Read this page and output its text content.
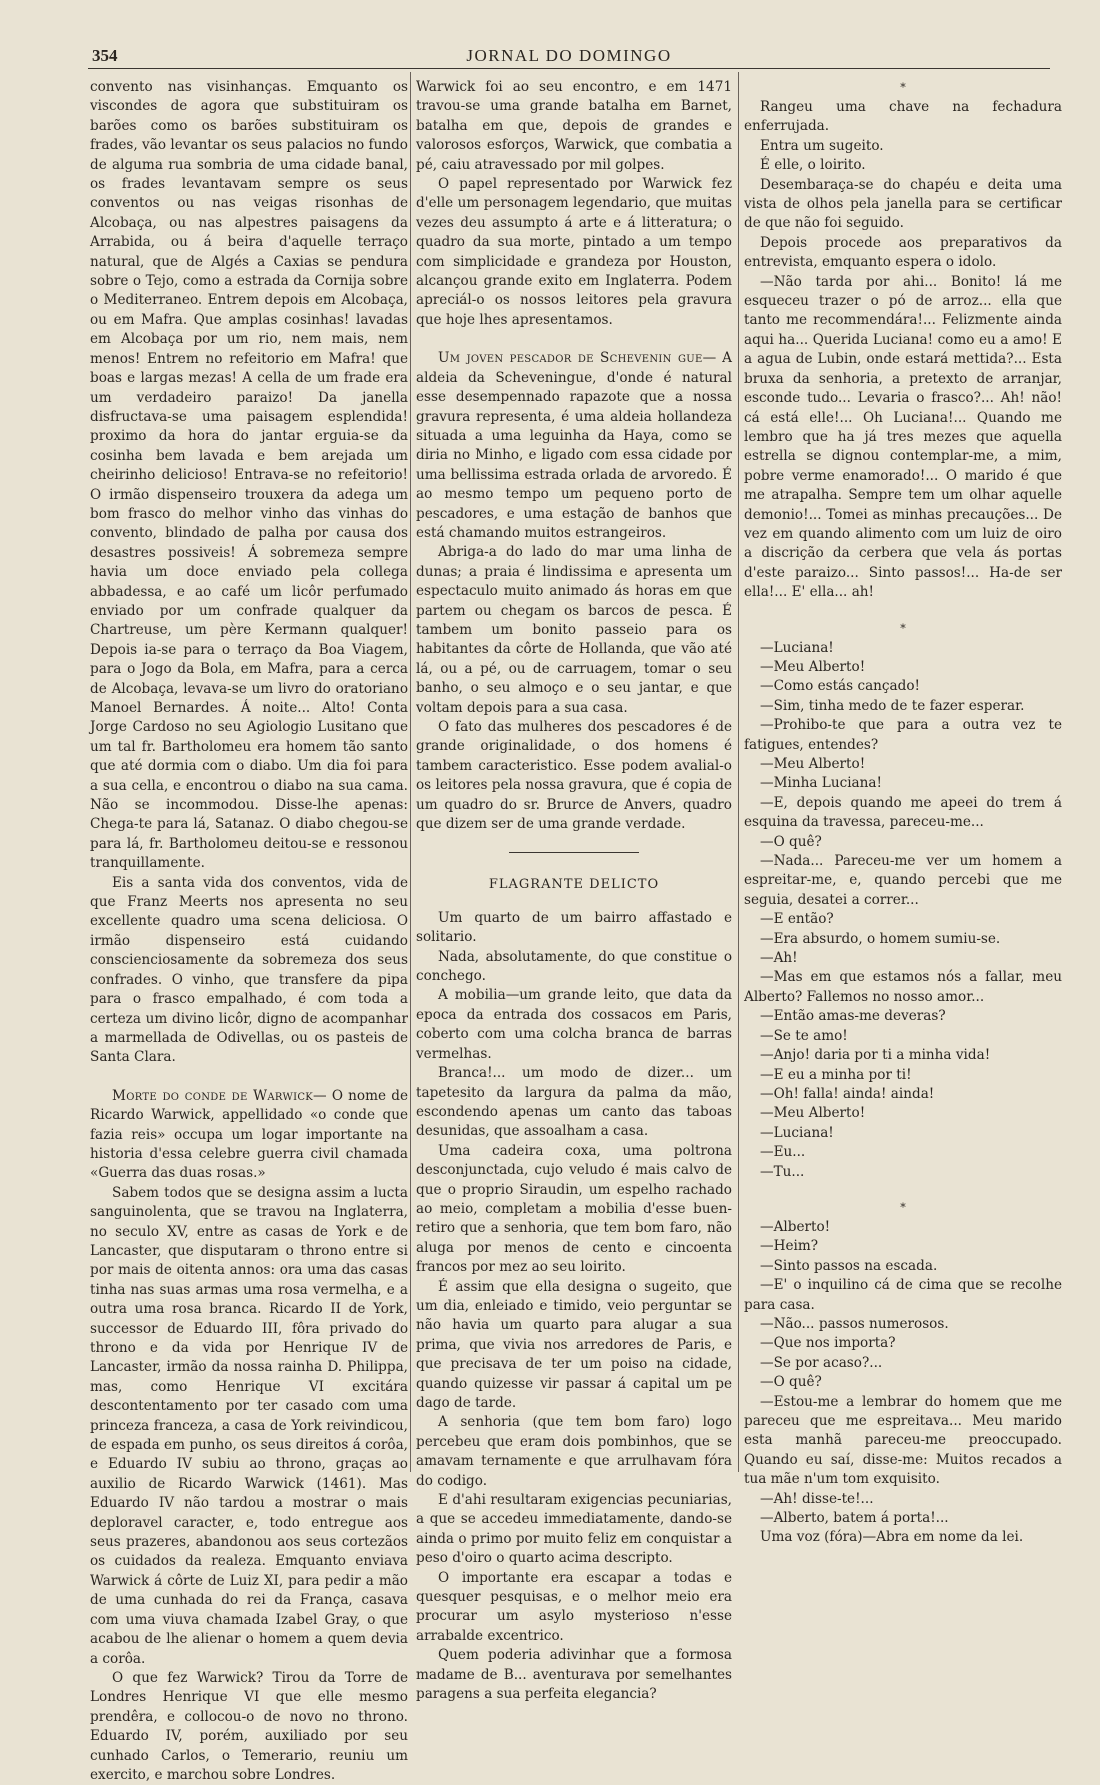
354	JORNAL DO DOMINGO

convento nas visinhanças. Emquanto os viscondes de agora que substituiram os barões como os barões substituiram os frades, vão levantar os seus palacios no fundo de alguma rua sombria de uma cidade banal, os frades levantavam sempre os seus conventos ou nas veigas risonhas de Alcobaça, ou nas alpestres paisagens da Arrabida, ou á beira d'aquelle terraço natural, que de Algés a Caxias se pendura sobre o Tejo, como a estrada da Cornija sobre o Mediterraneo. Entrem depois em Alcobaça, ou em Mafra. Que amplas cosinhas! lavadas em Alcobaça por um rio, nem mais, nem menos! Entrem no refeitorio em Mafra! que boas e largas mezas! A cella de um frade era um verdadeiro paraizo! Da janella disfructava-se uma paisagem esplendida! proximo da hora do jantar erguia-se da cosinha bem lavada e bem arejada um cheirinho delicioso! Entrava-se no refeitorio! O irmão dispenseiro trouxera da adega um bom frasco do melhor vinho das vinhas do convento, blindado de palha por causa dos desastres possiveis! Á sobremeza sempre havia um doce enviado pela collega abbadessa, e ao café um licôr perfumado enviado por um confrade qualquer da Chartreuse, um père Kermann qualquer! Depois ia-se para o terraço da Boa Viagem, para o Jogo da Bola, em Mafra, para a cerca de Alcobaça, levava-se um livro do oratoriano Manoel Bernardes. Á noite... Alto! Conta Jorge Cardoso no seu Agiologio Lusitano que um tal fr. Bartholomeu era homem tão santo que até dormia com o diabo. Um dia foi para a sua cella, e encontrou o diabo na sua cama. Não se incommodou. Disse-lhe apenas: Chega-te para lá, Satanaz. O diabo chegou-se para lá, fr. Bartholomeu deitou-se e ressonou tranquillamente.

Eis a santa vida dos conventos, vida de que Franz Meerts nos apresenta no seu excellente quadro uma scena deliciosa. O irmão dispenseiro está cuidando conscienciosamente da sobremeza dos seus confrades. O vinho, que transfere da pipa para o frasco empalhado, é com toda a certeza um divino licôr, digno de acompanhar a marmellada de Odivellas, ou os pasteis de Santa Clara.

Morte do conde de Warwick— O nome de Ricardo Warwick, appellidado «o conde que fazia reis» occupa um logar importante na historia d'essa celebre guerra civil chamada «Guerra das duas rosas.»

Sabem todos que se designa assim a lucta sanguinolenta, que se travou na Inglaterra, no seculo XV, entre as casas de York e de Lancaster, que disputaram o throno entre si por mais de oitenta annos: ora uma das casas tinha nas suas armas uma rosa vermelha, e a outra uma rosa branca. Ricardo II de York, successor de Eduardo III, fôra privado do throno e da vida por Henrique IV de Lancaster, irmão da nossa rainha D. Philippa, mas, como Henrique VI excitára descontentamento por ter casado com uma princeza franceza, a casa de York reivindicou, de espada em punho, os seus direitos á corôa, e Eduardo IV subiu ao throno, graças ao auxilio de Ricardo Warwick (1461). Mas Eduardo IV não tardou a mostrar o mais deploravel caracter, e, todo entregue aos seus prazeres, abandonou aos seus cortezãos os cuidados da realeza. Emquanto enviava Warwick á côrte de Luiz XI, para pedir a mão de uma cunhada do rei da França, casava com uma viuva chamada Izabel Gray, o que acabou de lhe alienar o homem a quem devia a corôa.

O que fez Warwick? Tirou da Torre de Londres Henrique VI que elle mesmo prendêra, e collocou-o de novo no throno. Eduardo IV, porém, auxiliado por seu cunhado Carlos, o Temerario, reuniu um exercito, e marchou sobre Londres.

Warwick foi ao seu encontro, e em 1471 travou-se uma grande batalha em Barnet, batalha em que, depois de grandes e valorosos esforços, Warwick, que combatia a pé, caiu atravessado por mil golpes.

O papel representado por Warwick fez d'elle um personagem legendario, que muitas vezes deu assumpto á arte e á litteratura; o quadro da sua morte, pintado a um tempo com simplicidade e grandeza por Houston, alcançou grande exito em Inglaterra. Podem apreciál-o os nossos leitores pela gravura que hoje lhes apresentamos.

Um joven pescador de Schevenin gue— A aldeia da Scheveningue, d'onde é natural esse desempennado rapazote que a nossa gravura representa, é uma aldeia hollandeza situada a uma leguinha da Haya, como se diria no Minho, e ligado com essa cidade por uma bellissima estrada orlada de arvoredo. É ao mesmo tempo um pequeno porto de pescadores, e uma estação de banhos que está chamando muitos estrangeiros.

Abriga-a do lado do mar uma linha de dunas; a praia é lindissima e apresenta um espectaculo muito animado ás horas em que partem ou chegam os barcos de pesca. É tambem um bonito passeio para os habitantes da côrte de Hollanda, que vão até lá, ou a pé, ou de carruagem, tomar o seu banho, o seu almoço e o seu jantar, e que voltam depois para a sua casa.

O fato das mulheres dos pescadores é de grande originalidade, o dos homens é tambem caracteristico. Esse podem avalial-o os leitores pela nossa gravura, que é copia de um quadro do sr. Brurce de Anvers, quadro que dizem ser de uma grande verdade.

FLAGRANTE DELICTO

Um quarto de um bairro affastado e solitario.

Nada, absolutamente, do que constitue o conchego.

A mobilia—um grande leito, que data da epoca da entrada dos cossacos em Paris, coberto com uma colcha branca de barras vermelhas.

Branca!... um modo de dizer... um tapetesito da largura da palma da mão, escondendo apenas um canto das taboas desunidas, que assoalham a casa.

Uma cadeira coxa, uma poltrona desconjunctada, cujo veludo é mais calvo de que o proprio Siraudin, um espelho rachado ao meio, completam a mobilia d'esse buen-retiro que a senhoria, que tem bom faro, não aluga por menos de cento e cincoenta francos por mez ao seu loirito.

É assim que ella designa o sugeito, que um dia, enleiado e timido, veio perguntar se não havia um quarto para alugar a sua prima, que vivia nos arredores de Paris, e que precisava de ter um poiso na cidade, quando quizesse vir passar á capital um pe dago de tarde.

A senhoria (que tem bom faro) logo percebeu que eram dois pombinhos, que se amavam ternamente e que arrulhavam fóra do codigo.

E d'ahi resultaram exigencias pecuniarias, a que se accedeu immediatamente, dando-se ainda o primo por muito feliz em conquistar a peso d'oiro o quarto acima descripto.

O importante era escapar a todas e quesquer pesquisas, e o melhor meio era procurar um asylo mysterioso n'esse arrabalde excentrico.

Quem poderia adivinhar que a formosa madame de B... aventurava por semelhantes paragens a sua perfeita elegancia?

*

Rangeu uma chave na fechadura enferrujada.

Entra um sugeito.

É elle, o loirito.

Desembaraça-se do chapéu e deita uma vista de olhos pela janella para se certificar de que não foi seguido.

Depois procede aos preparativos da entrevista, emquanto espera o idolo.

—Não tarda por ahi... Bonito! lá me esqueceu trazer o pó de arroz... ella que tanto me recommendára!... Felizmente ainda aqui ha... Querida Luciana! como eu a amo! E a agua de Lubin, onde estará mettida?... Esta bruxa da senhoria, a pretexto de arranjar, esconde tudo... Levaria o frasco?... Ah! não! cá está elle!... Oh Luciana!... Quando me lembro que ha já tres mezes que aquella estrella se dignou contemplar-me, a mim, pobre verme enamorado!... O marido é que me atrapalha. Sempre tem um olhar aquelle demonio!... Tomei as minhas precauções... De vez em quando alimento com um luiz de oiro a discrição da cerbera que vela ás portas d'este paraizo... Sinto passos!... Ha-de ser ella!... E' ella... ah!

*

—Luciana!

—Meu Alberto!

—Como estás cançado!

—Sim, tinha medo de te fazer esperar.

—Prohibo-te que para a outra vez te fatigues, entendes?

—Meu Alberto!

—Minha Luciana!

—E, depois quando me apeei do trem á esquina da travessa, pareceu-me...

—O quê?

—Nada... Pareceu-me ver um homem a espreitar-me, e, quando percebi que me seguia, desatei a correr...

—E então?

—Era absurdo, o homem sumiu-se.

—Ah!

—Mas em que estamos nós a fallar, meu Alberto? Fallemos no nosso amor...

—Então amas-me deveras?

—Se te amo!

—Anjo! daria por ti a minha vida!

—E eu a minha por ti!

—Oh! falla! ainda! ainda!

—Meu Alberto!

—Luciana!

—Eu...

—Tu...

*

—Alberto!

—Heim?

—Sinto passos na escada.

—E' o inquilino cá de cima que se recolhe para casa.

—Não... passos numerosos.

—Que nos importa?

—Se por acaso?...

—O quê?

—Estou-me a lembrar do homem que me pareceu que me espreitava... Meu marido esta manhã pareceu-me preoccupado. Quando eu saí, disse-me: Muitos recados a tua mãe n'um tom exquisito.

—Ah! disse-te!...

—Alberto, batem á porta!...

Uma voz (fóra)—Abra em nome da lei.
